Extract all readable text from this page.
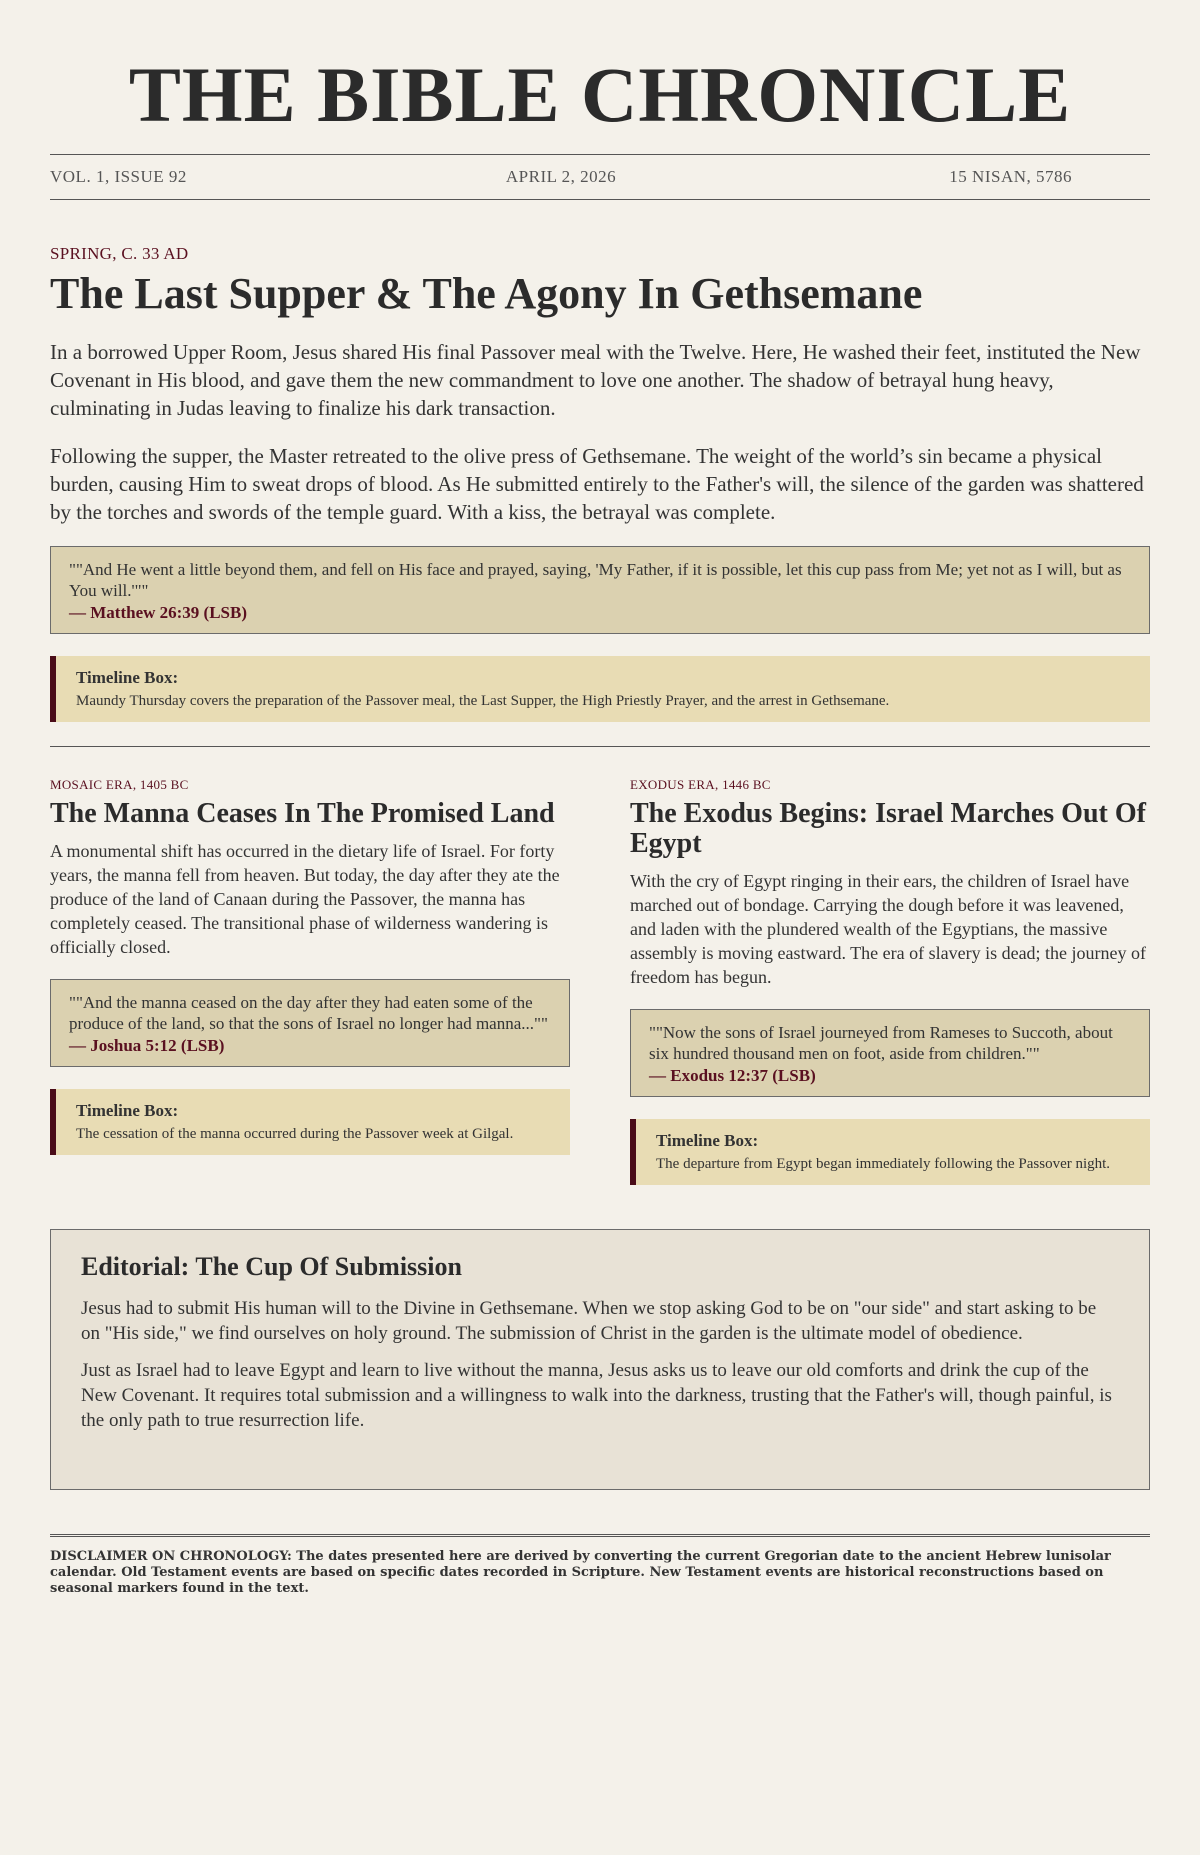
THE BIBLE CHRONICLE
VOL. 1, ISSUE 92	APRIL 2, 2026	15 NISAN, 5786
SPRING, C. 33 AD
The Last Supper & The Agony In Gethsemane

In a borrowed Upper Room, Jesus shared His final Passover meal with the Twelve. Here, He washed their feet, instituted the New Covenant in His blood, and gave them the new commandment to love one another. The shadow of betrayal hung heavy, culminating in Judas leaving to finalize his dark transaction.

Following the supper, the Master retreated to the olive press of Gethsemane. The weight of the world’s sin became a physical burden, causing Him to sweat drops of blood. As He submitted entirely to the Father's will, the silence of the garden was shattered by the torches and swords of the temple guard. With a kiss, the betrayal was complete.

""And He went a little beyond them, and fell on His face and prayed, saying, 'My Father, if it is possible, let this cup pass from Me; yet not as I will, but as You will.'""
— Matthew 26:39 (LSB)
Timeline Box:
Maundy Thursday covers the preparation of the Passover meal, the Last Supper, the High Priestly Prayer, and the arrest in Gethsemane.
MOSAIC ERA, 1405 BC
The Manna Ceases In The Promised Land

A monumental shift has occurred in the dietary life of Israel. For forty years, the manna fell from heaven. But today, the day after they ate the produce of the land of Canaan during the Passover, the manna has completely ceased. The transitional phase of wilderness wandering is officially closed.

""And the manna ceased on the day after they had eaten some of the produce of the land, so that the sons of Israel no longer had manna...""
— Joshua 5:12 (LSB)
Timeline Box:
The cessation of the manna occurred during the Passover week at Gilgal.
EXODUS ERA, 1446 BC
The Exodus Begins: Israel Marches Out Of Egypt

With the cry of Egypt ringing in their ears, the children of Israel have marched out of bondage. Carrying the dough before it was leavened, and laden with the plundered wealth of the Egyptians, the massive assembly is moving eastward. The era of slavery is dead; the journey of freedom has begun.

""Now the sons of Israel journeyed from Rameses to Succoth, about six hundred thousand men on foot, aside from children.""
— Exodus 12:37 (LSB)
Timeline Box:
The departure from Egypt began immediately following the Passover night.
Editorial: The Cup Of Submission

Jesus had to submit His human will to the Divine in Gethsemane. When we stop asking God to be on "our side" and start asking to be on "His side," we find ourselves on holy ground. The submission of Christ in the garden is the ultimate model of obedience.

Just as Israel had to leave Egypt and learn to live without the manna, Jesus asks us to leave our old comforts and drink the cup of the New Covenant. It requires total submission and a willingness to walk into the darkness, trusting that the Father's will, though painful, is the only path to true resurrection life.

DISCLAIMER ON CHRONOLOGY: The dates presented here are derived by converting the current Gregorian date to the ancient Hebrew lunisolar calendar. Old Testament events are based on specific dates recorded in Scripture. New Testament events are historical reconstructions based on seasonal markers found in the text.
